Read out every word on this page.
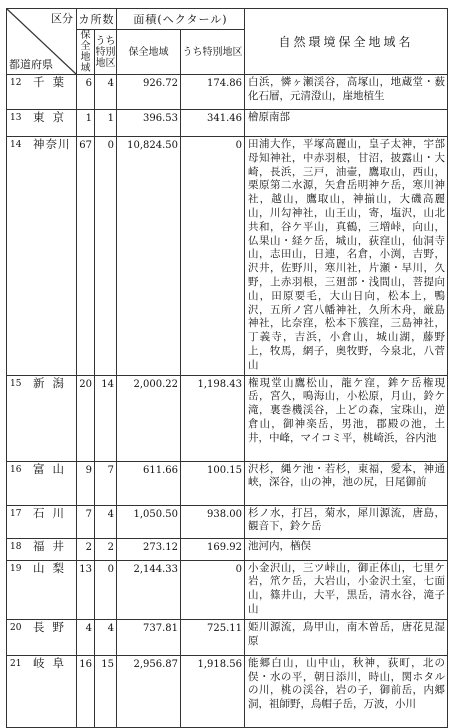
区分
都道府県	カ所数		面積(ヘクタール)		自然環境保全地域名
	保全地域	うち特別地区	保全地域	うち特別地区	

12 千葉	6	4	926.72	174.86	白浜，憐ヶ瀬渓谷，高塚山，地蔵堂・薮化石層，元清澄山，崖地植生

13 東京	1	1	396.53	341.46	檜原南部

14 神奈川	67	0	10,824.50	0	田浦大作，平塚高麗山，皇子太神，宇部母知神社，中赤羽根，甘沼，披露山・大崎，長浜，三戸，油壷，鷹取山，西山，栗原第二水源，矢倉岳明神ケ岳，寒川神社，越山，鷹取山，神揃山，大磯高麗山，川勾神社，山王山，寄，塩沢，山北共和，谷ケ平山，真鶴，三増峠，向山，仏果山・経ケ岳，城山，荻窪山，仙洞寺山，志田山，日連，名倉，小渕，吉野，沢井，佐野川，寒川社，片瀬・早川，久野，上赤羽根，三廻部・浅間山，菩提向山，田原要毛，大山日向，松本上，鴨沢，五所ノ宮八幡神社，久所木舟，厳島神社，比奈窪，松本下簇窪，三島神社，丁義寺，吉浜，小倉山，城山湖，藤野上，牧馬，網子，奥牧野，今泉北，八菅山

15 新潟	20	14	2,000.22	1,198.43	権現堂山鷹松山，龍ケ窪，鉾ケ岳権現岳，宮久，鳴海山，小松原，月山，鈴ケ滝，裏巻機渓谷，上どの森，宝珠山，逆倉山，御神楽岳，男池，郡殿の池，土井，中峰，マイコミ平，桃崎浜，谷内池

16 富山	9	7	611.66	100.15	沢杉，縄ケ池・若杉，東福，愛本，神通峡，深谷，山の神，池の尻，日尾御前

17 石川	7	4	1,050.50	938.00	杉ノ水，打呂，菊水，犀川源流，唐島，観音下，鈴ケ岳

18 福井	2	2	273.12	169.92	池河内，楢俣

19 山梨	13	0	2,144.33	0	小金沢山，三ツ峠山，御正体山，七里ケ岩，笊ケ岳，大岩山，小金沢土室，七面山，篠井山，大平，黒岳，清水谷，滝子山

20 長野	4	4	737.81	725.11	姫川源流，鳥甲山，南木曽岳，唐花見湿原

21 岐阜	16	15	2,956.87	1,918.56	能郷白山，山中山，秋神，荻町，北の俣・水の平，朝日添川，時山，関ホタルの川，桃の渓谷，岩の子，御前岳，内郷洞，祖師野，烏帽子岳，万波，小川
